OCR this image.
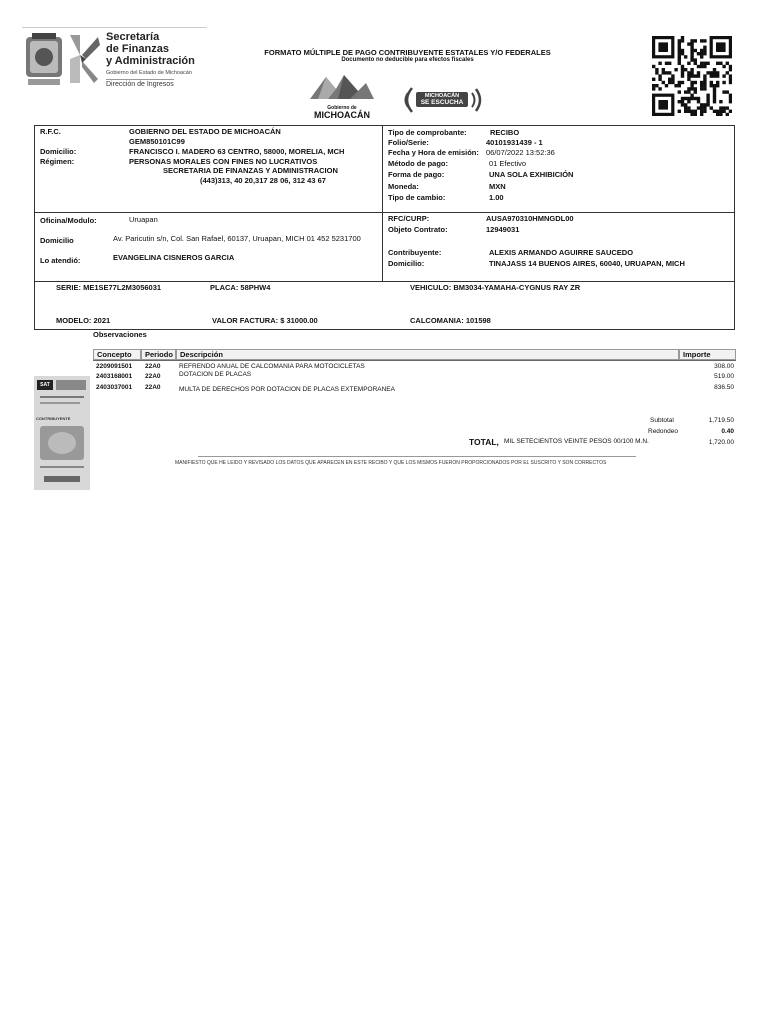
Secretaría
de Finanzas
y Administración
Gobierno del Estado de Michoacán
Dirección de Ingresos
FORMATO MÚLTIPLE DE PAGO CONTRIBUYENTE ESTATALES Y/O FEDERALES
Documento no deducible para efectos fiscales
Gobierno de
MICHOACÁN
MICHOACÁN
SE ESCUCHA
R.F.C.	GOBIERNO DEL ESTADO DE MICHOACÁN
GEM850101C99
Domicilio:	FRANCISCO I. MADERO 63 CENTRO, 58000, MORELIA, MCH
Régimen:	PERSONAS MORALES CON FINES NO LUCRATIVOS
SECRETARIA DE FINANZAS Y ADMINISTRACION
(443)313, 40 20,317 28 06, 312 43 67
Tipo de comprobante:	RECIBO
Folio/Serie:	40101931439 - 1
Fecha y Hora de emisión: 06/07/2022 13:52:36
Método de pago:	01 Efectivo
Forma de pago:	UNA SOLA EXHIBICIÓN
Moneda:	MXN
Tipo de cambio:	1.00
Oficina/Modulo:	Uruapan
Domicilio	Av. Paricutin s/n, Col. San Rafael, 60137, Uruapan, MICH 01 452 5231700
Lo atendió:	EVANGELINA CISNEROS GARCIA
RFC/CURP:	AUSA970310HMNGDL00
Objeto Contrato:	12949031
Contribuyente:	ALEXIS ARMANDO AGUIRRE SAUCEDO
Domicilio:	TINAJASS 14 BUENOS AIRES, 60040, URUAPAN, MICH
SERIE: ME1SE77L2M3056031	PLACA: 58PHW4	VEHICULO: BM3034-YAMAHA-CYGNUS RAY ZR
MODELO: 2021	VALOR FACTURA: $ 31000.00	CALCOMANIA: 101598
Observaciones
Concepto	Periodo Descripción	Importe
2209091501 22A0	REFRENDO ANUAL DE CALCOMANIA PARA MOTOCICLETAS	308.00
2403168001 22A0	DOTACION DE PLACAS	519.00
2403037001 22A0	MULTA DE DERECHOS POR DOTACION DE PLACAS EXTEMPORANEA	836.50
SAT
CONTRIBUYENTE	Subtotal	1,719.50
Redondeo	0.40
TOTAL, MIL SETECIENTOS VEINTE PESOS 00/100 M.N.	1,720.00
MANIFIESTO QUE HE LEIDO Y REVISADO LOS DATOS QUE APARECEN EN ESTE RECIBO Y QUE LOS MISMOS FUERON PROPORCIONADOS POR EL SUSCRITO Y SON CORRECTOS
